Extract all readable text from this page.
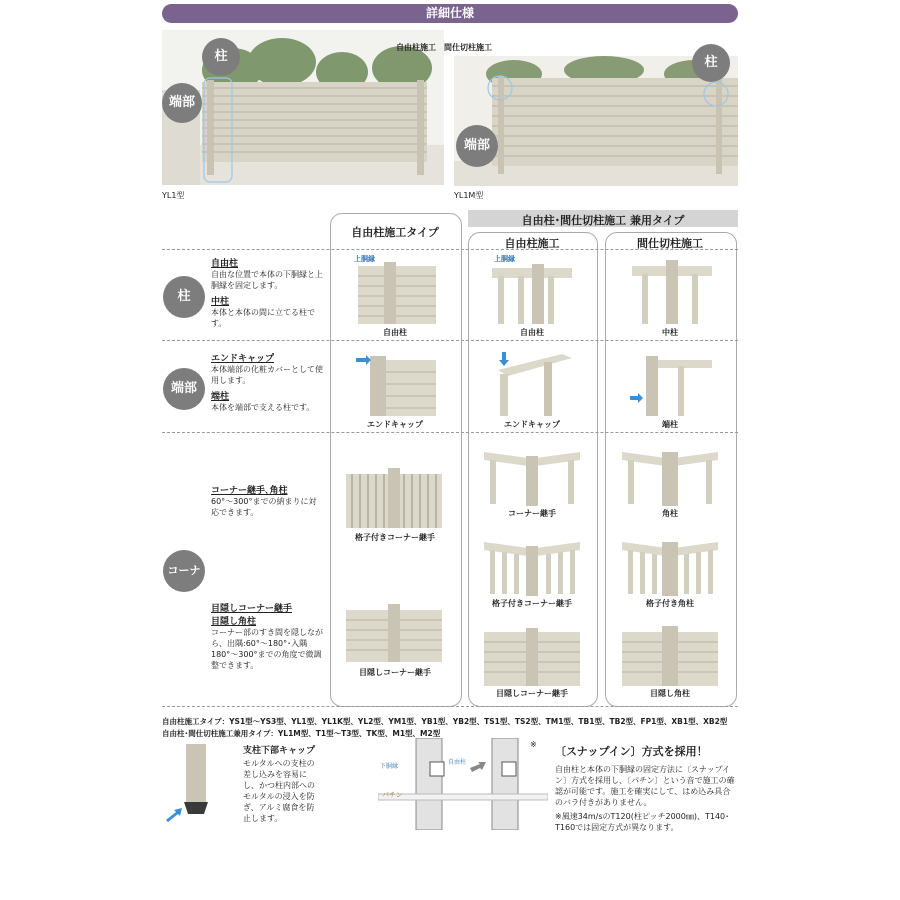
詳細仕様
柱
端部
YL1型
自由柱施工　間仕切柱施工
柱
端部
YL1M型
自由柱･間仕切柱施工 兼用タイプ
自由柱施工タイプ
自由柱施工	間仕切柱施工
柱
自由柱
自由な位置で本体の下胴縁と上胴縁を固定します。
中柱
本体と本体の間に立てる柱です。
上胴縁
自由柱
上胴縁
自由柱	中柱
端部
エンドキャップ
本体端部の化粧カバーとして使用します。
端柱
本体を端部で支える柱です。
エンドキャップ	エンドキャップ	端柱
コーナー
コーナー継手､角柱
60°～300°までの納まりに対応できます。
目隠しコーナー継手
目隠し角柱
コーナー部のすき間を隠しながら、出隅:60°～180°･入隅180°～300°までの角度で微調整できます。
格子付きコーナー継手
目隠しコーナー継手
コーナー継手
格子付きコーナー継手
目隠しコーナー継手
角柱
格子付き角柱
目隠し角柱
自由柱施工タイプ：YS1型～YS3型、YL1型、YL1K型、YL2型、YM1型、YB1型、YB2型、TS1型、TS2型、TM1型、TB1型、TB2型、FP1型、XB1型、XB2型
自由柱･間仕切柱施工兼用タイプ：YL1M型、T1型～T3型、TK型、M1型、M2型
支柱下部キャップ
モルタルへの支柱の差し込みを容易にし、かつ柱内部へのモルタルの浸入を防ぎ、アルミ腐食を防止します。
下胴縁
自由柱
パチン
※
〔スナップイン〕方式を採用！
自由柱と本体の下胴縁の固定方法に〔スナップイン〕方式を採用し、〔パチン〕という音で施工の確認が可能です。施工を確実にして、はめ込み具合のバラ付きがありません。
※風速34m/sのT120(柱ピッチ2000㎜)、T140･T160では固定方式が異なります。
